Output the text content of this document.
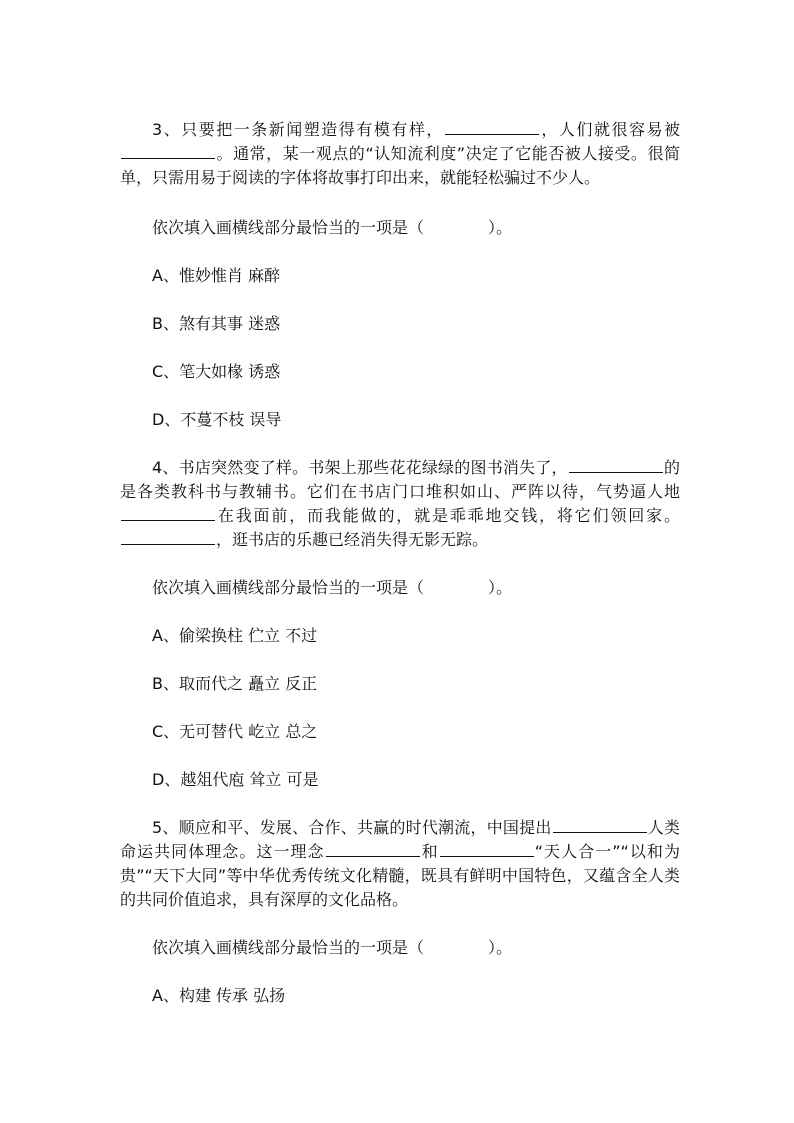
3、只要把一条新闻塑造得有模有样，	，人们就很容易被。通常，某一观点的“认知流利度”决定了它能否被人接受。很简单，只需用易于阅读的字体将故事打印出来，就能轻松骗过不少人。

依次填入画横线部分最恰当的一项是（	）。

A、惟妙惟肖 麻醉

B、煞有其事 迷惑

C、笔大如椽 诱惑

D、不蔓不枝 误导

4、书店突然变了样。书架上那些花花绿绿的图书消失了，	的是各类教科书与教辅书。它们在书店门口堆积如山、严阵以待，气势逼人地在我面前，而我能做的，就是乖乖地交钱，将它们领回家。，逛书店的乐趣已经消失得无影无踪。

依次填入画横线部分最恰当的一项是（	）。

A、偷梁换柱 伫立 不过

B、取而代之 矗立 反正

C、无可替代 屹立 总之

D、越俎代庖 耸立 可是

5、顺应和平、发展、合作、共赢的时代潮流，中国提出	人类命运共同体理念。这一理念	和	“天人合一”“以和为贵”“天下大同”等中华优秀传统文化精髓，既具有鲜明中国特色，又蕴含全人类的共同价值追求，具有深厚的文化品格。

依次填入画横线部分最恰当的一项是（	）。

A、构建 传承 弘扬
